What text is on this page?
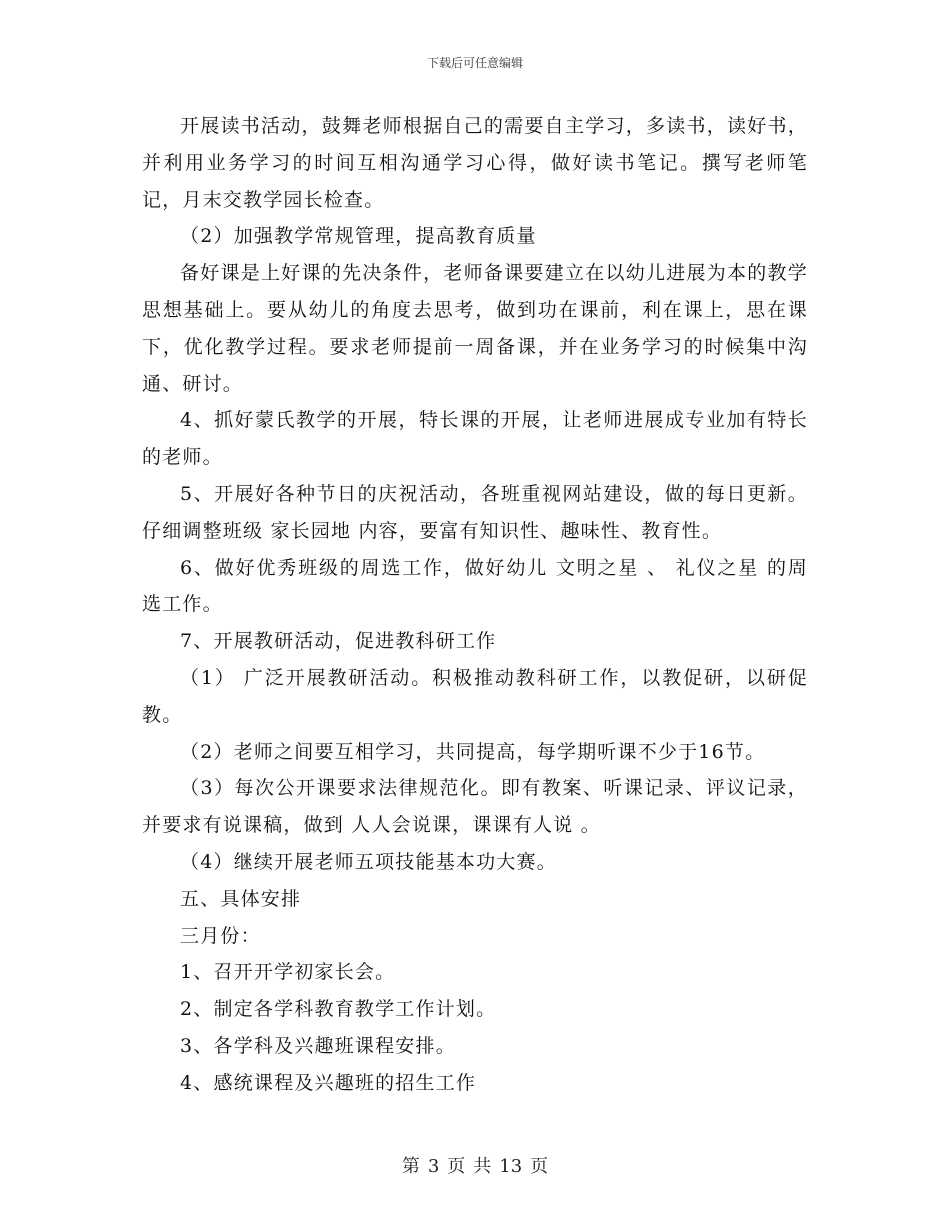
下载后可任意编辑

开展读书活动，鼓舞老师根据自己的需要自主学习，多读书，读好书，并利用业务学习的时间互相沟通学习心得，做好读书笔记。撰写老师笔记，月末交教学园长检查。

（2）加强教学常规管理，提高教育质量

备好课是上好课的先决条件，老师备课要建立在以幼儿进展为本的教学思想基础上。要从幼儿的角度去思考，做到功在课前，利在课上，思在课下，优化教学过程。要求老师提前一周备课，并在业务学习的时候集中沟通、研讨。

4、抓好蒙氏教学的开展，特长课的开展，让老师进展成专业加有特长的老师。

5、开展好各种节日的庆祝活动，各班重视网站建设，做的每日更新。仔细调整班级 家长园地 内容，要富有知识性、趣味性、教育性。

6、做好优秀班级的周选工作，做好幼儿 文明之星 、 礼仪之星 的周选工作。

7、开展教研活动，促进教科研工作

（1） 广泛开展教研活动。积极推动教科研工作，以教促研，以研促教。

（2）老师之间要互相学习，共同提高，每学期听课不少于16节。

（3）每次公开课要求法律规范化。即有教案、听课记录、评议记录，并要求有说课稿，做到 人人会说课，课课有人说 。

（4）继续开展老师五项技能基本功大赛。

五、具体安排

三月份：

1、召开开学初家长会。

2、制定各学科教育教学工作计划。

3、各学科及兴趣班课程安排。

4、感统课程及兴趣班的招生工作

第 3 页 共 13 页
